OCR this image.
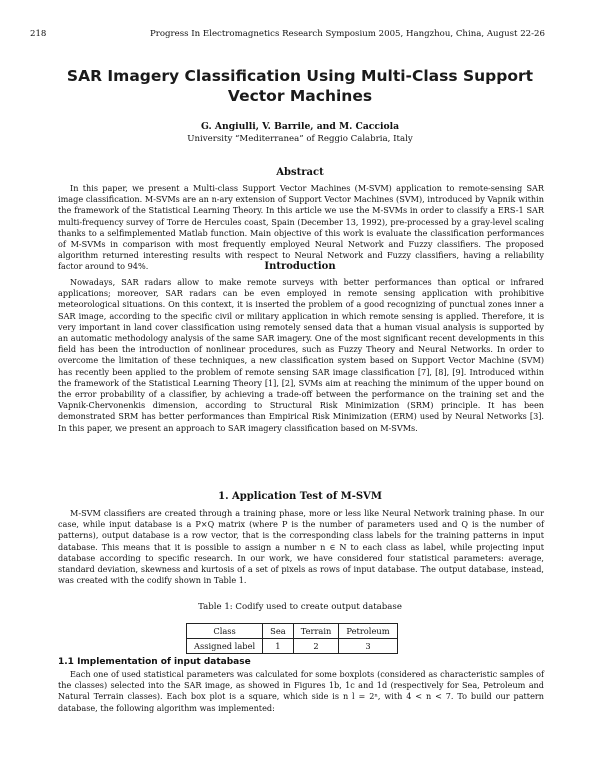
218	Progress In Electromagnetics Research Symposium 2005, Hangzhou, China, August 22-26
SAR Imagery Classification Using Multi-Class Support Vector Machines
G. Angiulli, V. Barrile, and M. Cacciola
University “Mediterranea” of Reggio Calabria, Italy
Abstract

In this paper, we present a Multi-class Support Vector Machines (M-SVM) application to remote-sensing SAR image classification. M-SVMs are an n-ary extension of Support Vector Machines (SVM), introduced by Vapnik within the framework of the Statistical Learning Theory. In this article we use the M-SVMs in order to classify a ERS-1 SAR multi-frequency survey of Torre de Hercules coast, Spain (December 13, 1992), pre-processed by a gray-level scaling thanks to a selfimplemented Matlab function. Main objective of this work is evaluate the classification performances of M-SVMs in comparison with most frequently employed Neural Network and Fuzzy classifiers. The proposed algorithm returned interesting results with respect to Neural Network and Fuzzy classifiers, having a reliability factor around to 94%.	Introduction

Nowadays, SAR radars allow to make remote surveys with better performances than optical or infrared applications; moreover, SAR radars can be even employed in remote sensing application with prohibitive meteorological situations. On this context, it is inserted the problem of a good recognizing of punctual zones inner a SAR image, according to the specific civil or military application in which remote sensing is applied. Therefore, it is very important in land cover classification using remotely sensed data that a human visual analysis is supported by an automatic methodology analysis of the same SAR imagery. One of the most significant recent developments in this field has been the introduction of nonlinear procedures, such as Fuzzy Theory and Neural Networks. In order to overcome the limitation of these techniques, a new classification system based on Support Vector Machine (SVM) has recently been applied to the problem of remote sensing SAR image classification [7], [8], [9]. Introduced within the framework of the Statistical Learning Theory [1], [2], SVMs aim at reaching the minimum of the upper bound on the error probability of a classifier, by achieving a trade-off between the performance on the training set and the Vapnik-Chervonenkis dimension, according to Structural Risk Minimization (SRM) principle. It has been demonstrated SRM has better performances than Empirical Risk Minimization (ERM) used by Neural Networks [3]. In this paper, we present an approach to SAR imagery classification based on M-SVMs.

1. Application Test of M-SVM

M-SVM classifiers are created through a training phase, more or less like Neural Network training phase. In our case, while input database is a P×Q matrix (where P is the number of parameters used and Q is the number of patterns), output database is a row vector, that is the corresponding class labels for the training patterns in input database. This means that it is possible to assign a number n ∈ N to each class as label, while projecting input database according to specific research. In our work, we have considered four statistical parameters: average, standard deviation, skewness and kurtosis of a set of pixels as rows of input database. The output database, instead, was created with the codify shown in Table 1.

Table 1: Codify used to create output database
Class	Sea	Terrain	Petroleum
Assigned label	1	2	3
1.1 Implementation of input database

Each one of used statistical parameters was calculated for some boxplots (considered as characteristic samples of the classes) selected into the SAR image, as showed in Figures 1b, 1c and 1d (respectively for Sea, Petroleum and Natural Terrain classes). Each box plot is a square, which side is n l = 2ⁿ, with 4 < n < 7. To build our pattern database, the following algorithm was implemented:
